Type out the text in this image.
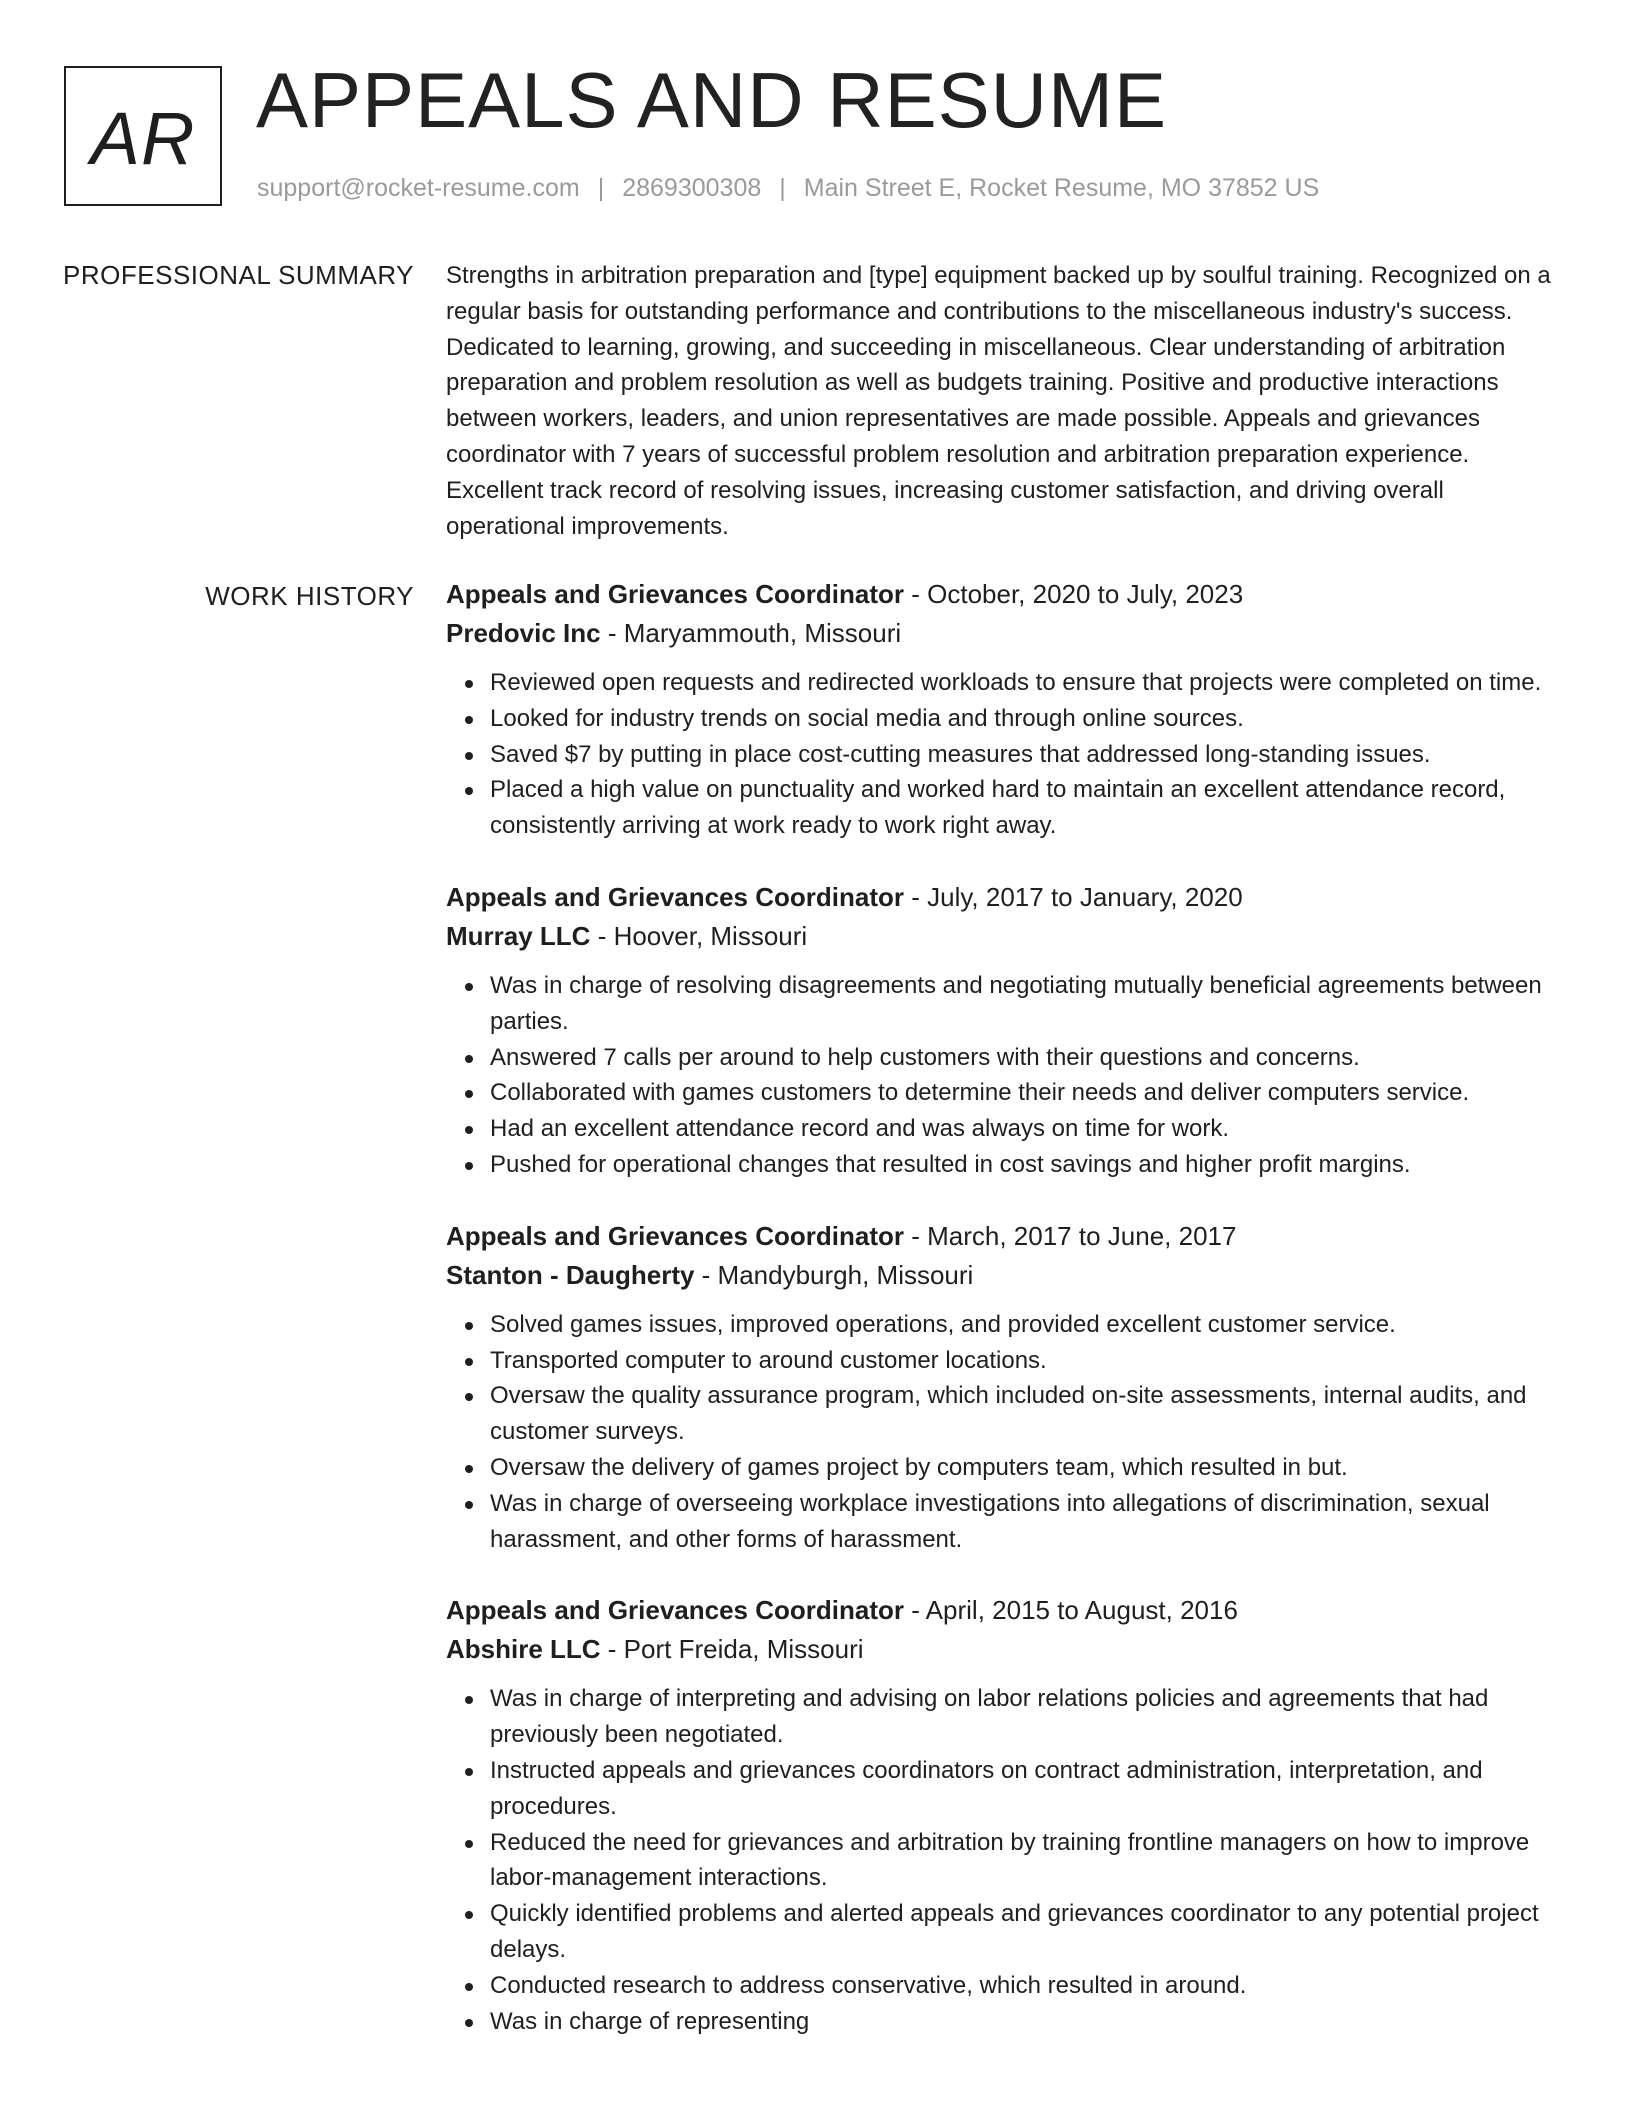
AR APPEALS AND RESUME
support@rocket-resume.com | 2869300308 | Main Street E, Rocket Resume, MO 37852 US
PROFESSIONAL SUMMARY Strengths in arbitration preparation and [type] equipment backed up by soulful training. Recognized on a regular basis for outstanding performance and contributions to the miscellaneous industry's success. Dedicated to learning, growing, and succeeding in miscellaneous. Clear understanding of arbitration preparation and problem resolution as well as budgets training. Positive and productive interactions between workers, leaders, and union representatives are made possible. Appeals and grievances coordinator with 7 years of successful problem resolution and arbitration preparation experience. Excellent track record of resolving issues, increasing customer satisfaction, and driving overall operational improvements.

WORK HISTORY Appeals and Grievances Coordinator - October, 2020 to July, 2023
Predovic Inc - Maryammouth, Missouri
Reviewed open requests and redirected workloads to ensure that projects were completed on time.
Looked for industry trends on social media and through online sources.
Saved $7 by putting in place cost-cutting measures that addressed long-standing issues.
Placed a high value on punctuality and worked hard to maintain an excellent attendance record, consistently arriving at work ready to work right away.
Appeals and Grievances Coordinator - July, 2017 to January, 2020
Murray LLC - Hoover, Missouri
Was in charge of resolving disagreements and negotiating mutually beneficial agreements between parties.
Answered 7 calls per around to help customers with their questions and concerns.
Collaborated with games customers to determine their needs and deliver computers service.
Had an excellent attendance record and was always on time for work.
Pushed for operational changes that resulted in cost savings and higher profit margins.
Appeals and Grievances Coordinator - March, 2017 to June, 2017
Stanton - Daugherty - Mandyburgh, Missouri
Solved games issues, improved operations, and provided excellent customer service.
Transported computer to around customer locations.
Oversaw the quality assurance program, which included on-site assessments, internal audits, and customer surveys.
Oversaw the delivery of games project by computers team, which resulted in but.
Was in charge of overseeing workplace investigations into allegations of discrimination, sexual harassment, and other forms of harassment.
Appeals and Grievances Coordinator - April, 2015 to August, 2016
Abshire LLC - Port Freida, Missouri
Was in charge of interpreting and advising on labor relations policies and agreements that had previously been negotiated.
Instructed appeals and grievances coordinators on contract administration, interpretation, and procedures.
Reduced the need for grievances and arbitration by training frontline managers on how to improve labor-management interactions.
Quickly identified problems and alerted appeals and grievances coordinator to any potential project delays.
Conducted research to address conservative, which resulted in around.
Was in charge of representing
